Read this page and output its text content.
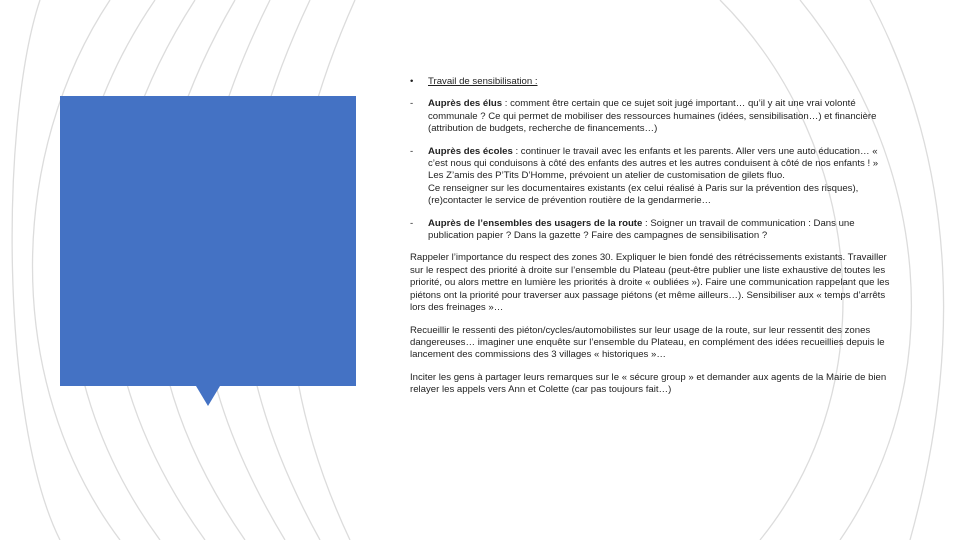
• Travail de sensibilisation :
- Auprès des élus : comment être certain que ce sujet soit jugé important… qu’il y ait une vrai volonté communale ? Ce qui permet de mobiliser des ressources humaines (idées, sensibilisation…) et financière (attribution de budgets, recherche de financements…)

- Auprès des écoles : continuer le travail avec les enfants et les parents. Aller vers une auto éducation… « c’est nous qui conduisons à côté des enfants des autres et les autres conduisent à côté de nos enfants ! »

Les Z’amis des P’Tits D’Homme, prévoient un atelier de customisation de gilets fluo.

Ce renseigner sur les documentaires existants (ex celui réalisé à Paris sur la prévention des risques), (re)contacter le service de prévention routière de la gendarmerie…

- Auprès de l’ensembles des usagers de la route : Soigner un travail de communication : Dans une publication papier ? Dans la gazette ? Faire des campagnes de sensibilisation ?

Rappeler l’importance du respect des zones 30. Expliquer le bien fondé des rétrécissements existants. Travailler sur le respect des priorité à droite sur l’ensemble du Plateau (peut-être publier une liste exhaustive de toutes les priorité, ou alors mettre en lumière les priorités à droite « oubliées »). Faire une communication rappelant que les piétons ont la priorité pour traverser aux passage piétons (et même ailleurs…). Sensibiliser aux « temps d’arrêts lors des freinages »…

Recueillir le ressenti des piéton/cycles/automobilistes sur leur usage de la route, sur leur ressentit des zones dangereuses… imaginer une enquête sur l’ensemble du Plateau, en complément des idées recueillies depuis le lancement des commissions des 3 villages « historiques »…

Inciter les gens à partager leurs remarques sur le « sécure group » et demander aux agents de la Mairie de bien relayer les appels vers Ann et Colette (car pas toujours fait…)
